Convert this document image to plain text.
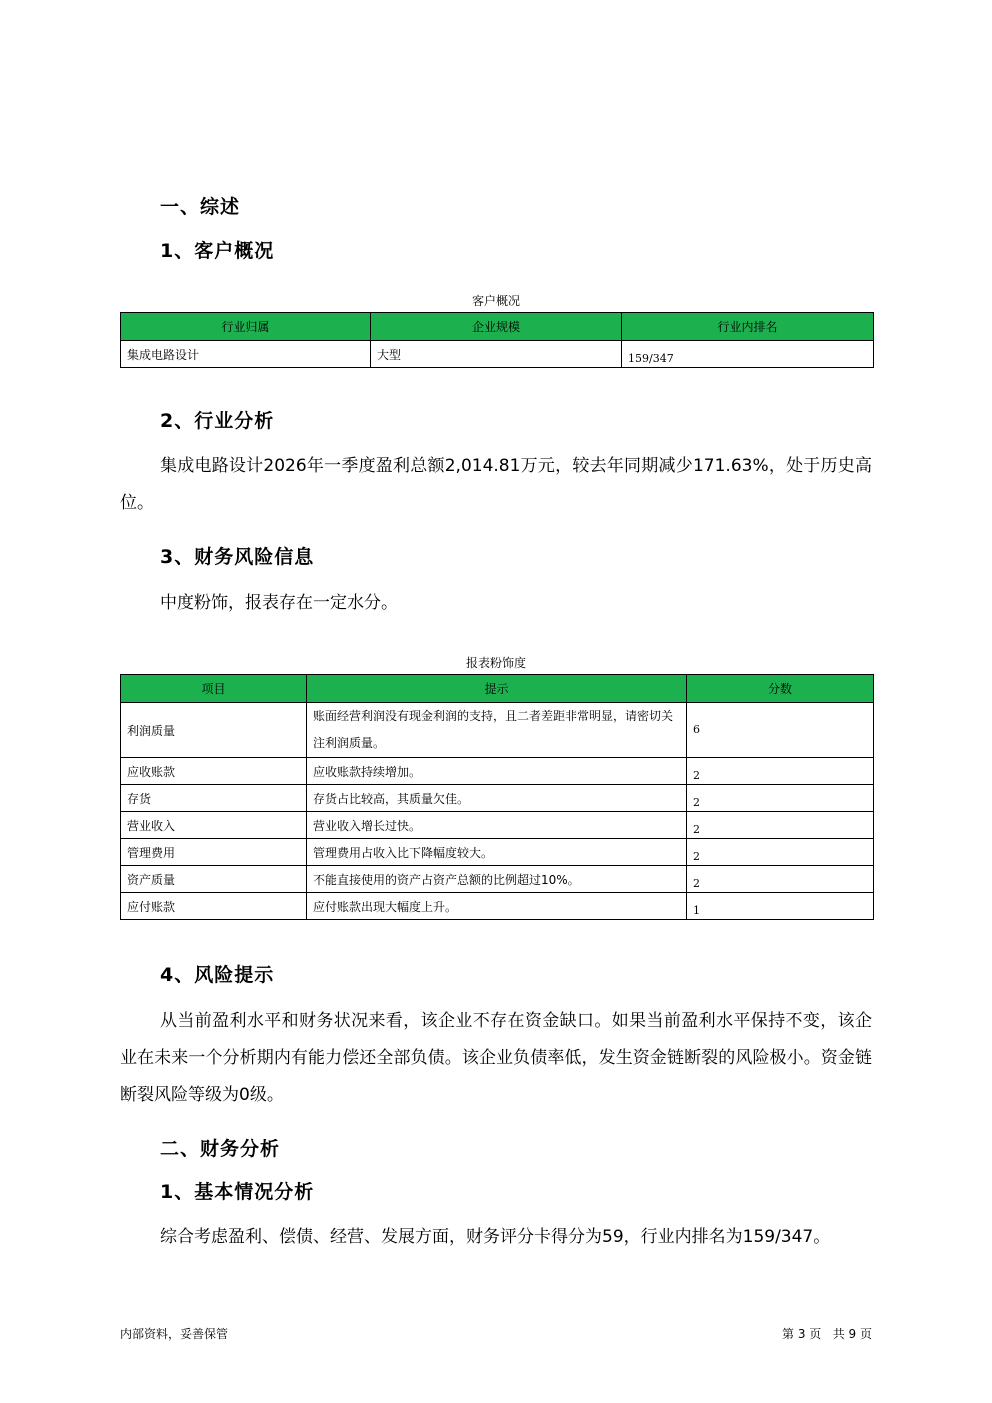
一、综述
1、客户概况
客户概况
行业归属	企业规模	行业内排名
集成电路设计	大型	159/347
2、行业分析
集成电路设计2026年一季度盈利总额2,014.81万元，较去年同期减少171.63%，处于历史高位。
3、财务风险信息
中度粉饰，报表存在一定水分。
报表粉饰度
项目	提示	分数
利润质量	账面经营利润没有现金利润的支持，且二者差距非常明显，请密切关注利润质量。	6
应收账款	应收账款持续增加。	2
存货	存货占比较高，其质量欠佳。	2
营业收入	营业收入增长过快。	2
管理费用	管理费用占收入比下降幅度较大。	2
资产质量	不能直接使用的资产占资产总额的比例超过10%。	2
应付账款	应付账款出现大幅度上升。	1
4、风险提示
从当前盈利水平和财务状况来看，该企业不存在资金缺口。如果当前盈利水平保持不变，该企业在未来一个分析期内有能力偿还全部负债。该企业负债率低，发生资金链断裂的风险极小。资金链断裂风险等级为0级。
二、财务分析
1、基本情况分析
综合考虑盈利、偿债、经营、发展方面，财务评分卡得分为59，行业内排名为159/347。
内部资料，妥善保管	第 3 页   共 9 页
